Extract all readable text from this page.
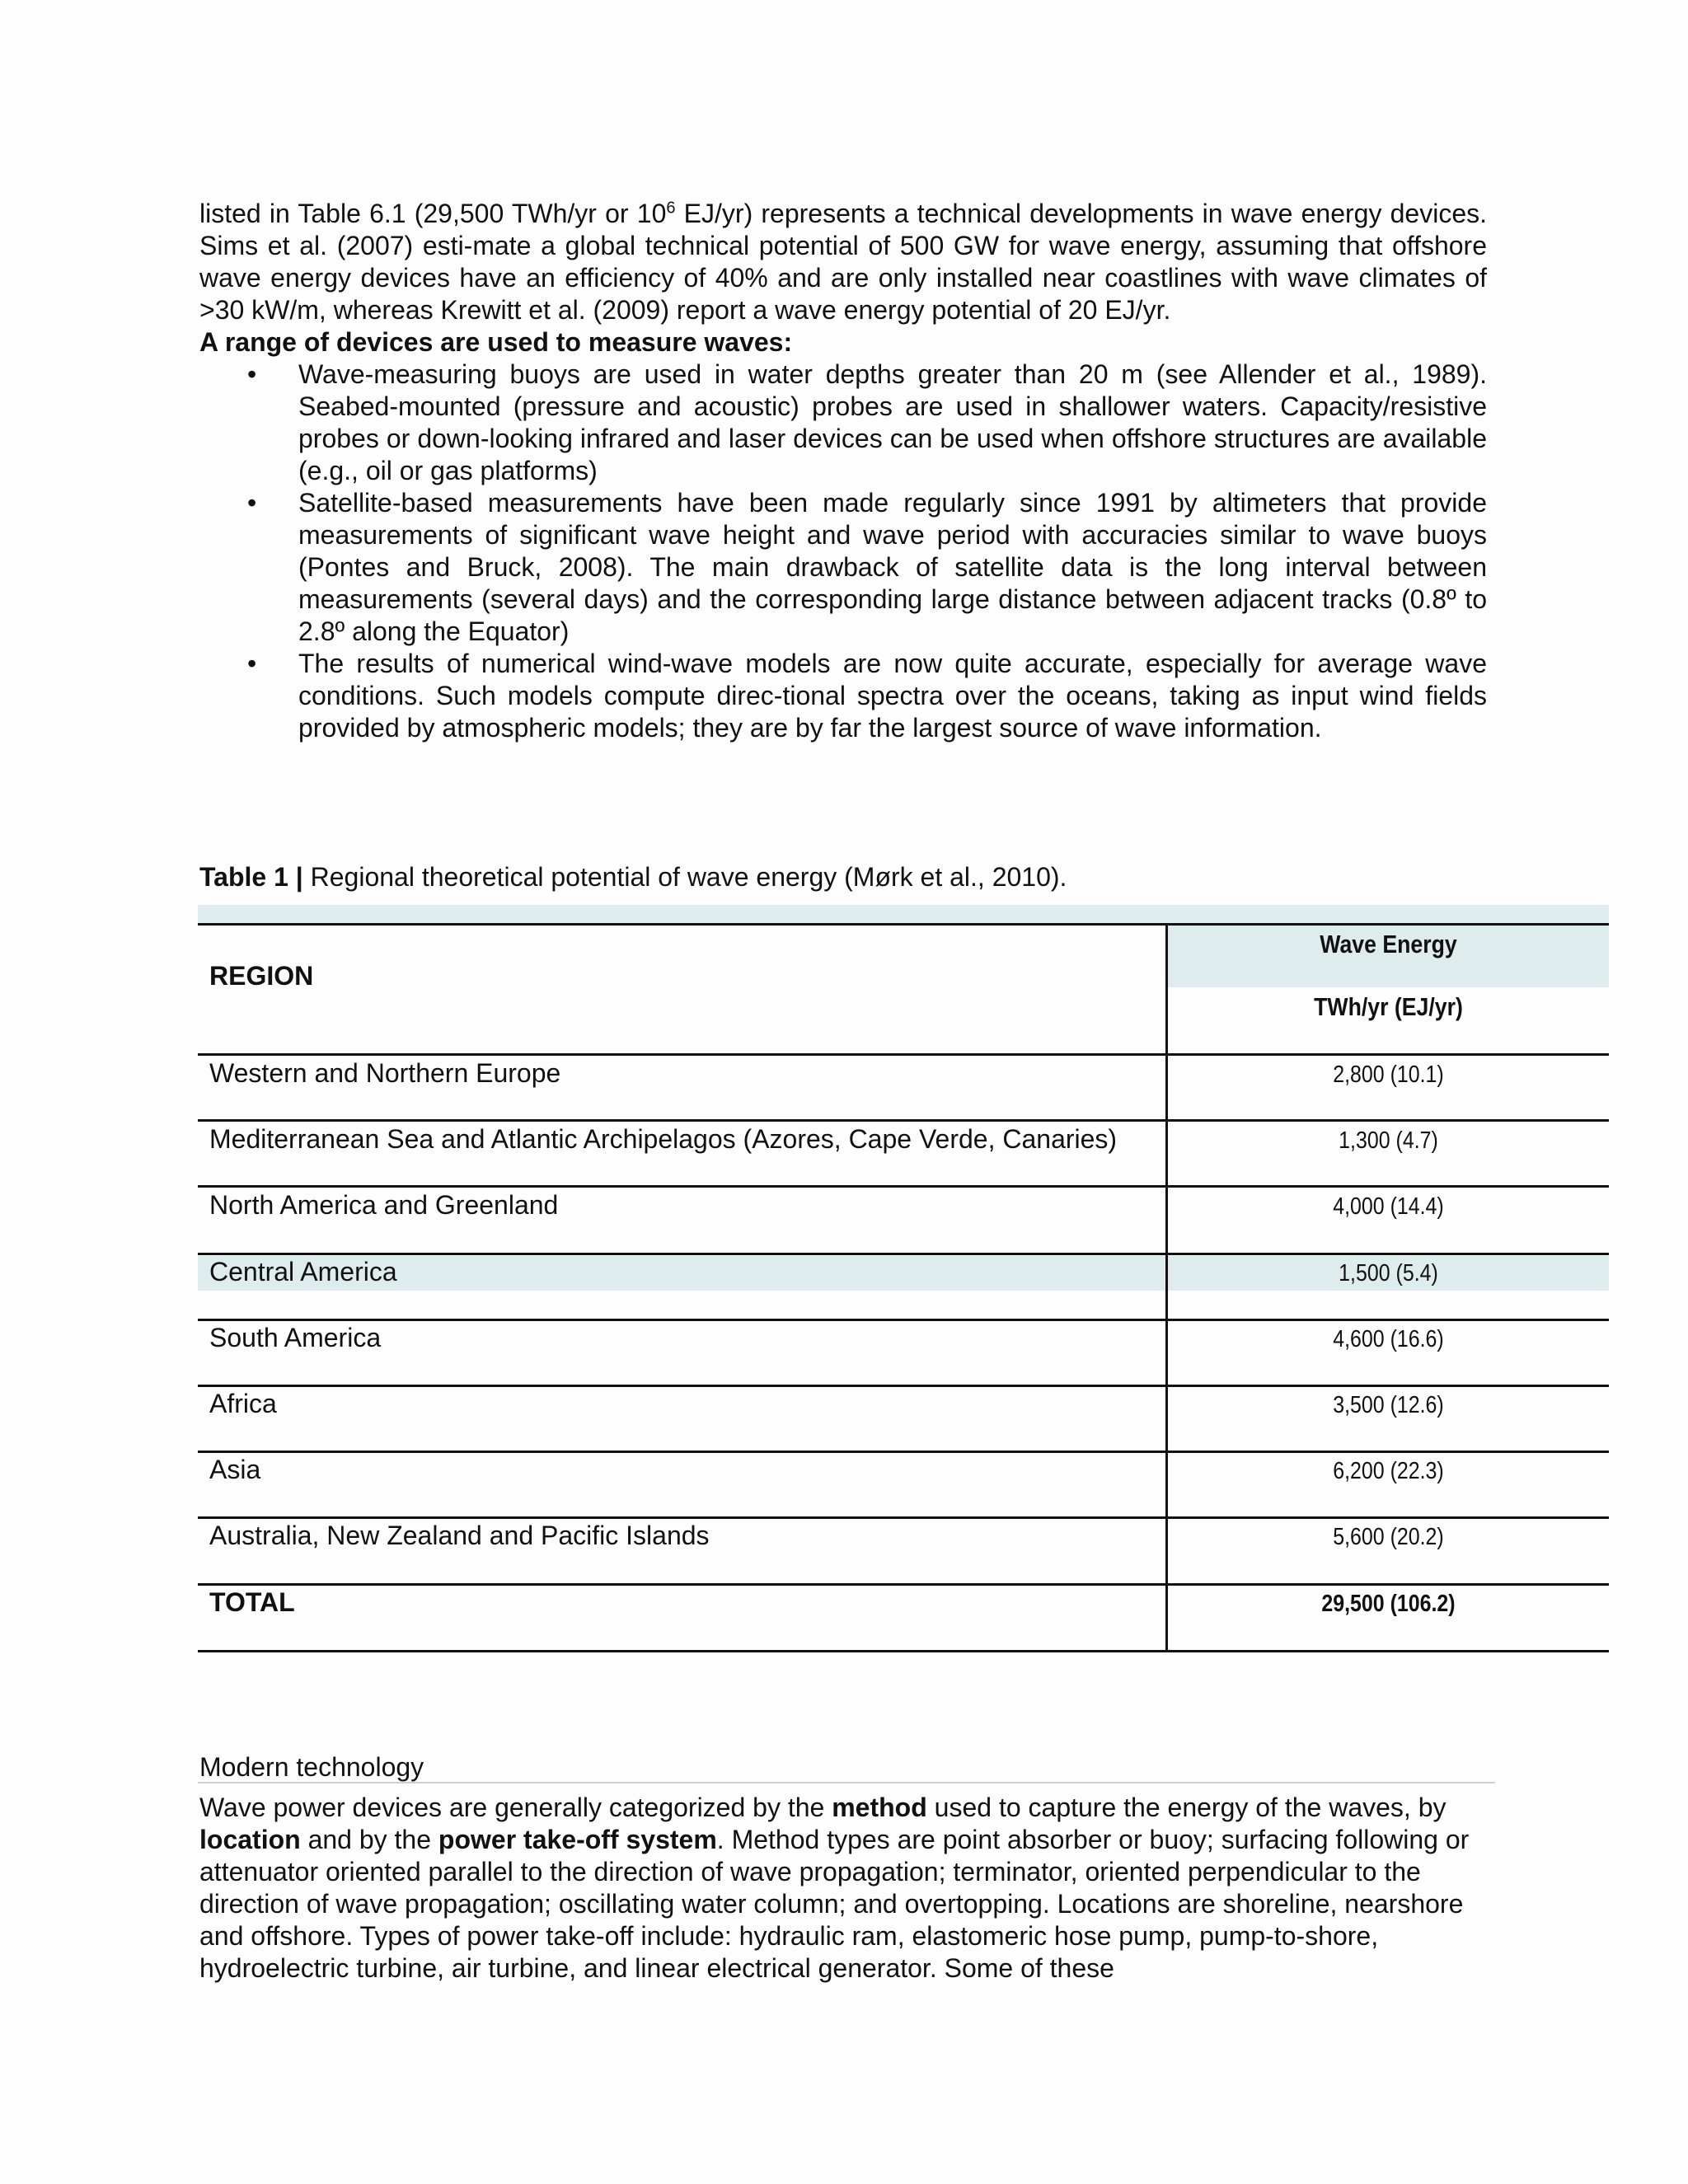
listed in Table 6.1 (29,500 TWh/yr or $10^6$ EJ/yr) represents a technical developments in wave energy devices. Sims et al. (2007) esti-mate a global technical potential of 500 GW for wave energy, assuming that offshore wave energy devices have an efficiency of 40% and are only installed near coastlines with wave climates of >30 kW/m, whereas Krewitt et al. (2009) report a wave energy potential of 20 EJ/yr.

A range of devices are used to measure waves:

• Wave-measuring buoys are used in water depths greater than 20 m (see Allender et al., 1989). Seabed-mounted (pressure and acoustic) probes are used in shallower waters. Capacity/resistive probes or down-looking infrared and laser devices can be used when offshore structures are available (e.g., oil or gas platforms)
• Satellite-based measurements have been made regularly since 1991 by altimeters that provide measurements of significant wave height and wave period with accuracies similar to wave buoys (Pontes and Bruck, 2008). The main drawback of satellite data is the long interval between measurements (several days) and the corresponding large distance between adjacent tracks (0.8º to 2.8º along the Equator)
• The results of numerical wind-wave models are now quite accurate, especially for average wave conditions. Such models compute direc-tional spectra over the oceans, taking as input wind fields provided by atmospheric models; they are by far the largest source of wave information.
Table 1 | Regional theoretical potential of wave energy (Mørk et al., 2010).
REGION
Wave Energy
TWh/yr (EJ/yr)
Western and Northern Europe	2,800 (10.1)
Mediterranean Sea and Atlantic Archipelagos (Azores, Cape Verde, Canaries)	1,300 (4.7)
North America and Greenland	4,000 (14.4)
Central America	1,500 (5.4)
South America	4,600 (16.6)
Africa	3,500 (12.6)
Asia	6,200 (22.3)
Australia, New Zealand and Pacific Islands	5,600 (20.2)
TOTAL	29,500 (106.2)
Modern technology

Wave power devices are generally categorized by the method used to capture the energy of the waves, by location and by the power take-off system. Method types are point absorber or buoy; surfacing following or attenuator oriented parallel to the direction of wave propagation; terminator, oriented perpendicular to the direction of wave propagation; oscillating water column; and overtopping. Locations are shoreline, nearshore and offshore. Types of power take-off include: hydraulic ram, elastomeric hose pump, pump-to-shore, hydroelectric turbine, air turbine, and linear electrical generator. Some of these
